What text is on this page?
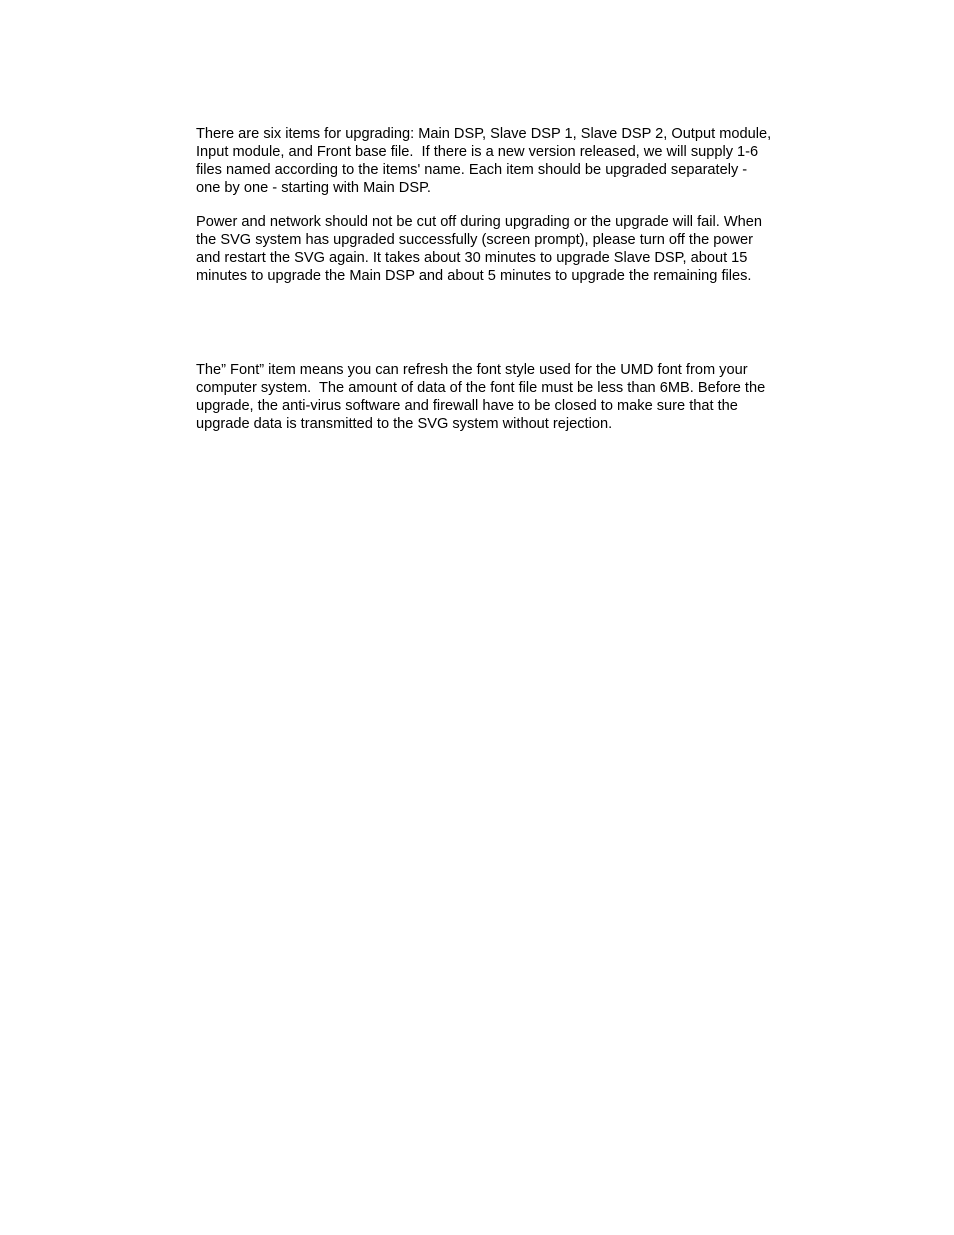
There are six items for upgrading: Main DSP, Slave DSP 1, Slave DSP 2, Output module,
Input module, and Front base file.  If there is a new version released, we will supply 1-6
files named according to the items' name. Each item should be upgraded separately -
one by one - starting with Main DSP.
Power and network should not be cut off during upgrading or the upgrade will fail. When
the SVG system has upgraded successfully (screen prompt), please turn off the power
and restart the SVG again. It takes about 30 minutes to upgrade Slave DSP, about 15
minutes to upgrade the Main DSP and about 5 minutes to upgrade the remaining files.
The” Font” item means you can refresh the font style used for the UMD font from your
computer system.  The amount of data of the font file must be less than 6MB. Before the
upgrade, the anti-virus software and firewall have to be closed to make sure that the
upgrade data is transmitted to the SVG system without rejection.
